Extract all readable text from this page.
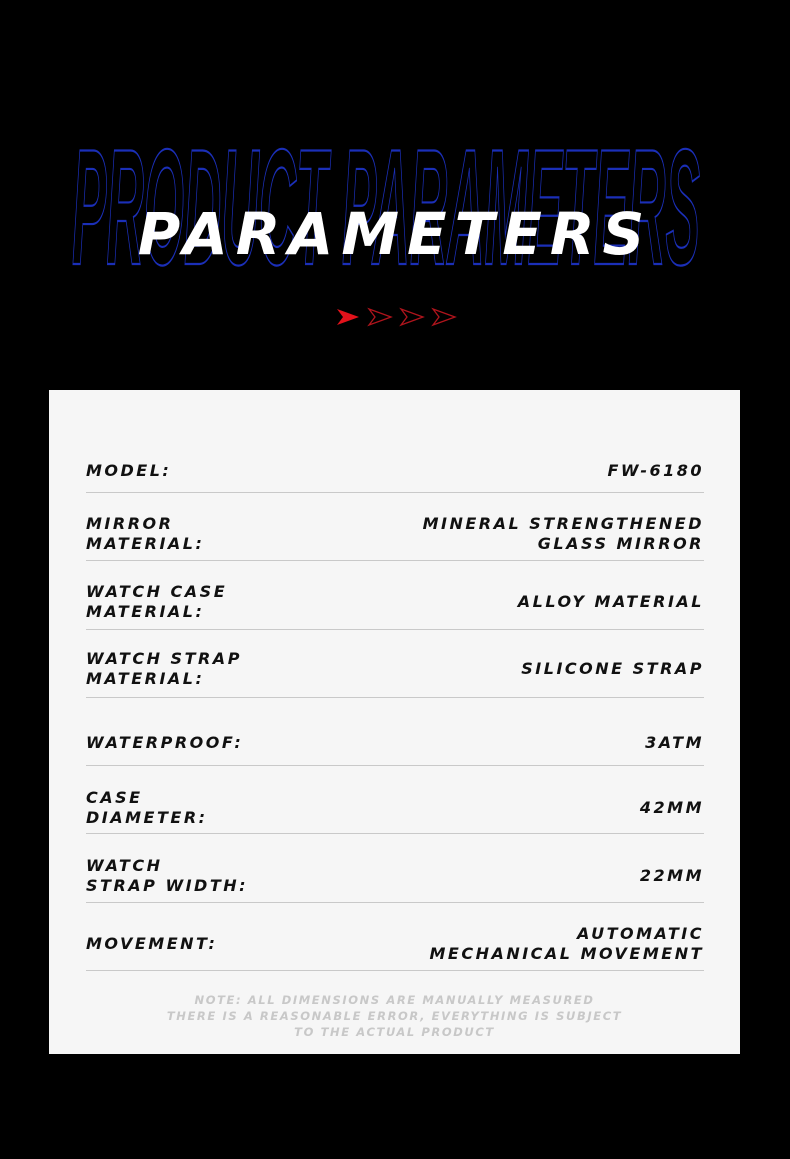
PRODUCT
PARAMETERS
MODEL:	FW-6180
MIRROR
MATERIAL:
MINERAL STRENGTHENED
GLASS MIRROR
WATCH CASE
MATERIAL:
ALLOY MATERIAL
WATCH STRAP
MATERIAL:
SILICONE STRAP
WATERPROOF:	3ATM
CASE
DIAMETER:
42MM
WATCH
STRAP WIDTH:
22MM
MOVEMENT:
AUTOMATIC
MECHANICAL MOVEMENT
NOTE: ALL DIMENSIONS ARE MANUALLY MEASURED
THERE IS A REASONABLE ERROR, EVERYTHING IS SUBJECT
TO THE ACTUAL PRODUCT
